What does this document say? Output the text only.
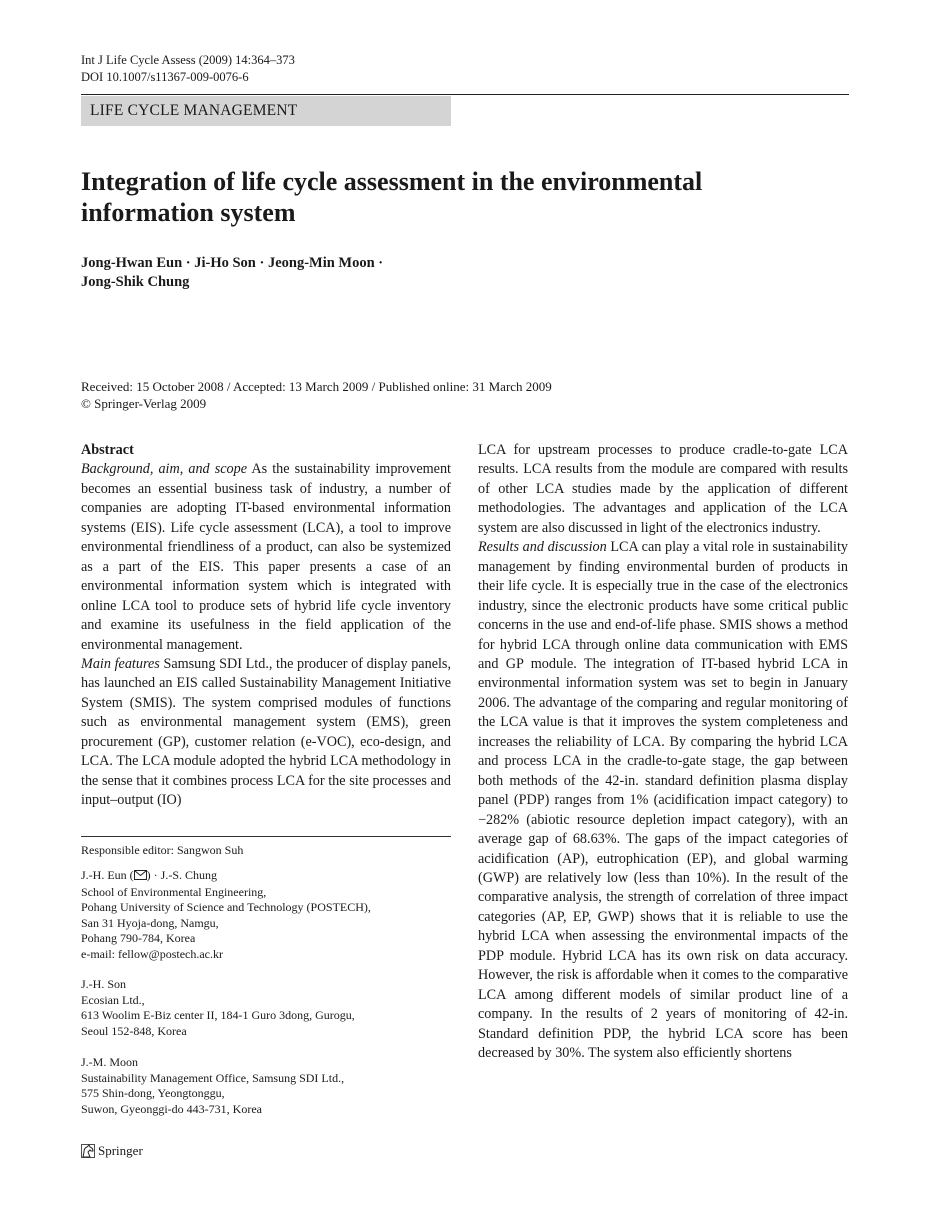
Int J Life Cycle Assess (2009) 14:364–373
DOI 10.1007/s11367-009-0076-6
LIFE CYCLE MANAGEMENT
Integration of life cycle assessment in the environmental
information system
Jong-Hwan Eun · Ji-Ho Son · Jeong-Min Moon ·
Jong-Shik Chung
Received: 15 October 2008 / Accepted: 13 March 2009 / Published online: 31 March 2009
© Springer-Verlag 2009

Abstract

Background, aim, and scope As the sustainability improvement becomes an essential business task of industry, a number of companies are adopting IT-based environmental information systems (EIS). Life cycle assessment (LCA), a tool to improve environmental friendliness of a product, can also be systemized as a part of the EIS. This paper presents a case of an environmental information system which is integrated with online LCA tool to produce sets of hybrid life cycle inventory and examine its usefulness in the field application of the environmental management.

Main features Samsung SDI Ltd., the producer of display panels, has launched an EIS called Sustainability Management Initiative System (SMIS). The system comprised modules of functions such as environmental management system (EMS), green procurement (GP), customer relation (e-VOC), eco-design, and LCA. The LCA module adopted the hybrid LCA methodology in the sense that it combines process LCA for the site processes and input–output (IO)

Responsible editor: Sangwon Suh
J.-H. Eun ( ) · J.-S. Chung
School of Environmental Engineering,
Pohang University of Science and Technology (POSTECH),
San 31 Hyoja-dong, Namgu,
Pohang 790-784, Korea
e-mail: fellow@postech.ac.kr
J.-H. Son
Ecosian Ltd.,
613 Woolim E-Biz center II, 184-1 Guro 3dong, Gurogu,
Seoul 152-848, Korea
J.-M. Moon
Sustainability Management Office, Samsung SDI Ltd.,
575 Shin-dong, Yeongtonggu,
Suwon, Gyeonggi-do 443-731, Korea

LCA for upstream processes to produce cradle-to-gate LCA results. LCA results from the module are compared with results of other LCA studies made by the application of different methodologies. The advantages and application of the LCA system are also discussed in light of the electronics industry.

Results and discussion LCA can play a vital role in sustainability management by finding environmental burden of products in their life cycle. It is especially true in the case of the electronics industry, since the electronic products have some critical public concerns in the use and end-of-life phase. SMIS shows a method for hybrid LCA through online data communication with EMS and GP module. The integration of IT-based hybrid LCA in environmental information system was set to begin in January 2006. The advantage of the comparing and regular monitoring of the LCA value is that it improves the system completeness and increases the reliability of LCA. By comparing the hybrid LCA and process LCA in the cradle-to-gate stage, the gap between both methods of the 42-in. standard definition plasma display panel (PDP) ranges from 1% (acidification impact category) to −282% (abiotic resource depletion impact category), with an average gap of 68.63%. The gaps of the impact categories of acidification (AP), eutrophication (EP), and global warming (GWP) are relatively low (less than 10%). In the result of the comparative analysis, the strength of correlation of three impact categories (AP, EP, GWP) shows that it is reliable to use the hybrid LCA when assessing the environmental impacts of the PDP module. Hybrid LCA has its own risk on data accuracy. However, the risk is affordable when it comes to the comparative LCA among different models of similar product line of a company. In the results of 2 years of monitoring of 42-in. Standard definition PDP, the hybrid LCA score has been decreased by 30%. The system also efficiently shortens

Springer
